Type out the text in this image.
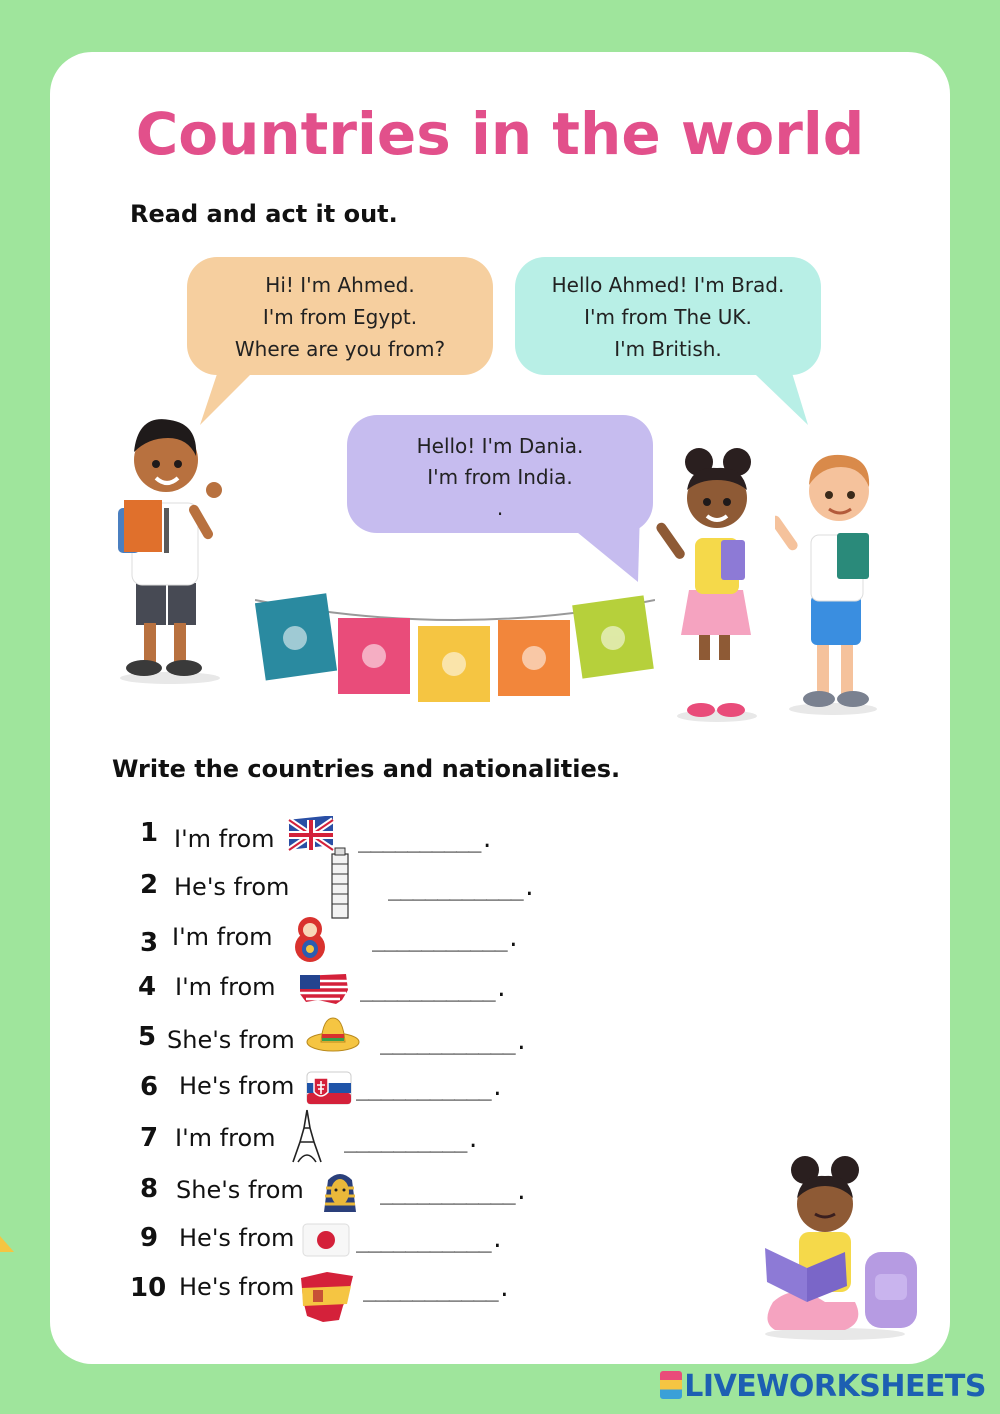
Countries in the world
Read and act it out.
Hi! I'm Ahmed.
I'm from Egypt.
Where are you from?
Hello Ahmed! I'm Brad.
I'm from The UK.
I'm British.
Hello! I'm Dania.
I'm from India.
.
Write the countries and nationalities.
1 I'm from	__________.
2 He's from	___________.
3 I'm from	___________.
4 I'm from	___________.
5 She's from	___________.
6 He's from	___________.
7 I'm from	__________.
8 She's from	___________.
9 He's from	___________.
10 He's from	___________.
LIVEWORKSHEETS
